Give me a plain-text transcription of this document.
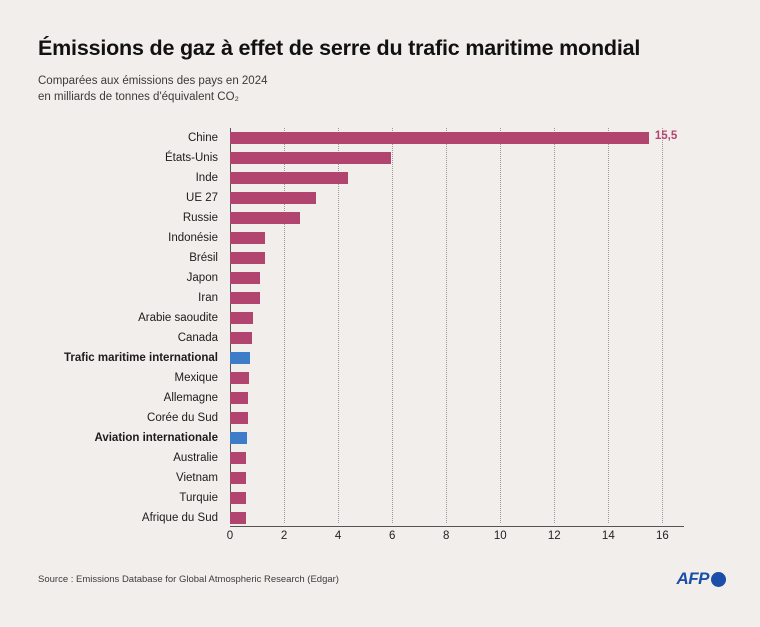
Émissions de gaz à effet de serre du trafic maritime mondial

Comparées aux émissions des pays en 2024

en milliards de tonnes d'équivalent CO₂

Chine
États-Unis
Inde
UE 27
Russie
Indonésie
Brésil
Japon
Iran
Arabie saoudite
Canada
Trafic maritime international
Mexique
Allemagne
Corée du Sud
Aviation internationale
Australie
Vietnam
Turquie
Afrique du Sud
15,5
0	2	4	6	8	10	12	14	16
Source : Emissions Database for Global Atmospheric Research (Edgar)	AFP
